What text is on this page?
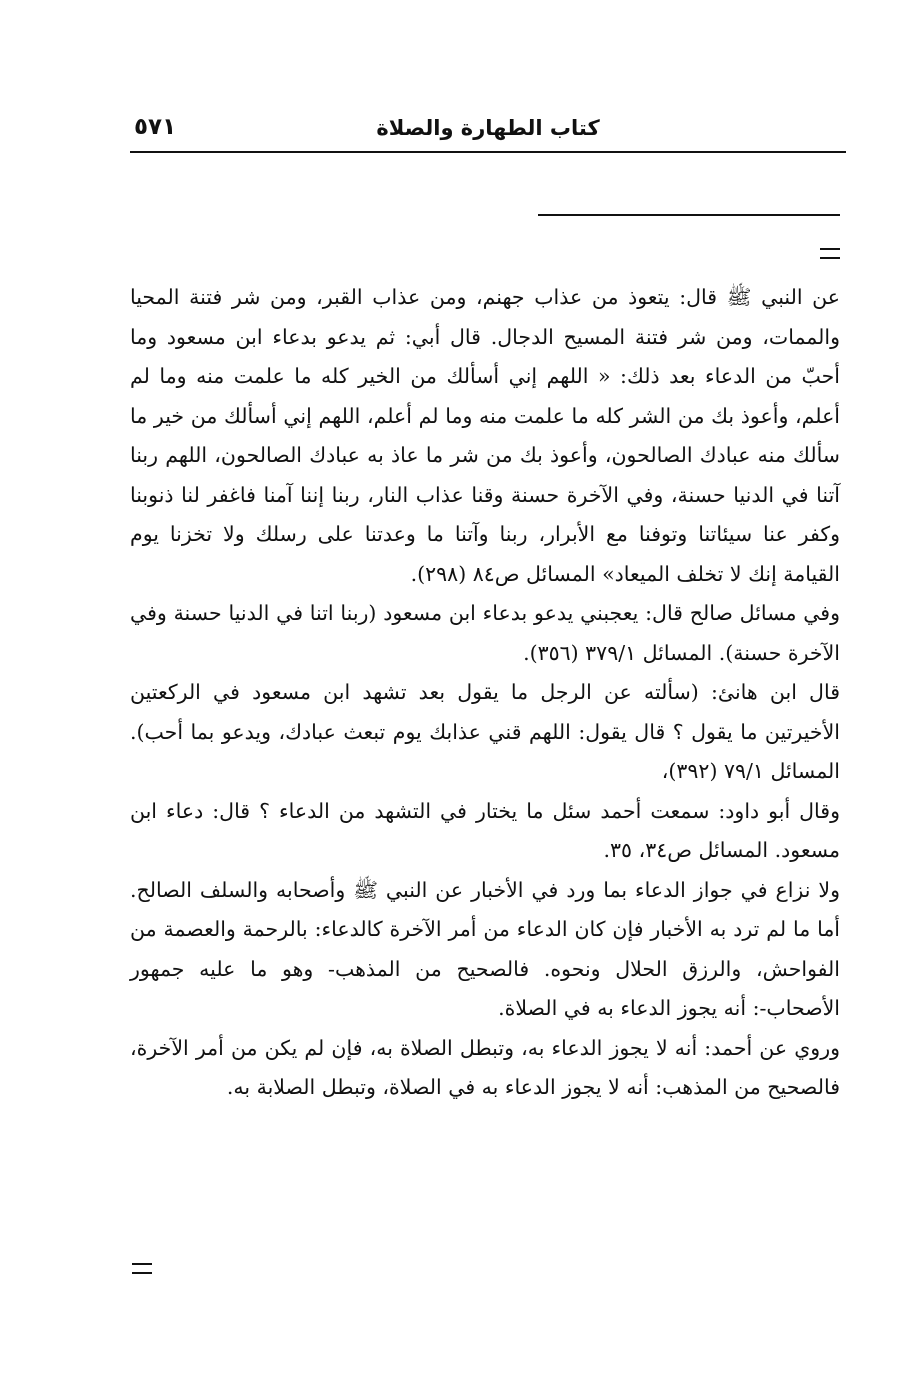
كتاب الطهارة والصلاة
٥٧١

عن النبي ﷺ قال: يتعوذ من عذاب جهنم، ومن عذاب القبر، ومن شر فتنة المحيا والممات، ومن شر فتنة المسيح الدجال. قال أبي: ثم يدعو بدعاء ابن مسعود وما أحبّ من الدعاء بعد ذلك: « اللهم إني أسألك من الخير كله ما علمت منه وما لم أعلم، وأعوذ بك من الشر كله ما علمت منه وما لم أعلم، اللهم إني أسألك من خير ما سألك منه عبادك الصالحون، وأعوذ بك من شر ما عاذ به عبادك الصالحون، اللهم ربنا آتنا في الدنيا حسنة، وفي الآخرة حسنة وقنا عذاب النار، ربنا إننا آمنا فاغفر لنا ذنوبنا وكفر عنا سيئاتنا وتوفنا مع الأبرار، ربنا وآتنا ما وعدتنا على رسلك ولا تخزنا يوم القيامة إنك لا تخلف الميعاد» المسائل ص٨٤ (٢٩٨).

وفي مسائل صالح قال: يعجبني يدعو بدعاء ابن مسعود (ربنا اتنا في الدنيا حسنة وفي الآخرة حسنة). المسائل ٣٧٩/١ (٣٥٦).

قال ابن هانئ: (سألته عن الرجل ما يقول بعد تشهد ابن مسعود في الركعتين الأخيرتين ما يقول ؟ قال يقول: اللهم قني عذابك يوم تبعث عبادك، ويدعو بما أحب). المسائل ٧٩/١ (٣٩٢)،

وقال أبو داود: سمعت أحمد سئل ما يختار في التشهد من الدعاء ؟ قال: دعاء ابن مسعود. المسائل ص٣٤، ٣٥.

ولا نزاع في جواز الدعاء بما ورد في الأخبار عن النبي ﷺ وأصحابه والسلف الصالح. أما ما لم ترد به الأخبار فإن كان الدعاء من أمر الآخرة كالدعاء: بالرحمة والعصمة من الفواحش، والرزق الحلال ونحوه. فالصحيح من المذهب- وهو ما عليه جمهور الأصحاب-: أنه يجوز الدعاء به في الصلاة.

وروي عن أحمد: أنه لا يجوز الدعاء به، وتبطل الصلاة به، فإن لم يكن من أمر الآخرة، فالصحيح من المذهب: أنه لا يجوز الدعاء به في الصلاة، وتبطل الصلابة به.
